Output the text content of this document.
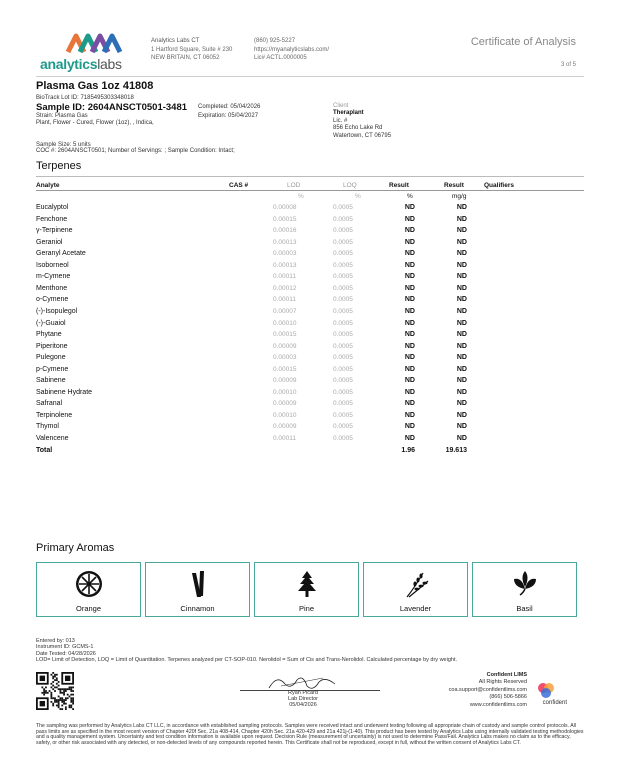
analyticslabs
Analytics Labs CT
1 Hartford Square, Suite # 230
NEW BRITAIN, CT 06052
(860) 925-5227
https://myanalyticslabs.com/
Lic# ACTL.0000005
Certificate of Analysis
3 of 5
Plasma Gas 1oz 41808
BioTrack Lot ID: 7185495303348018
Sample ID: 2604ANSCT0501-3481 Completed: 05/04/2026
Expiration: 05/04/2027
Strain: Plasma Gas
Plant, Flower - Cured, Flower (1oz), , Indica,
Sample Size: 5 units
COC #: 2604ANSCT0501; Number of Servings: ; Sample Condition: Intact;
Client
Theraplant
Lic. #
856 Echo Lake Rd
Watertown, CT 06795
Terpenes
Analyte	CAS #	LOD	LOQ	Result	Result	Qualifiers
%	%	%	mg/g
Eucalyptol	0.00008	0.0005	ND	ND
Fenchone	0.00015	0.0005	ND	ND
γ-Terpinene	0.00016	0.0005	ND	ND
Geraniol	0.00013	0.0005	ND	ND
Geranyl Acetate	0.00003	0.0005	ND	ND
Isoborneol	0.00013	0.0005	ND	ND
m-Cymene	0.00011	0.0005	ND	ND
Menthone	0.00012	0.0005	ND	ND
o-Cymene	0.00011	0.0005	ND	ND
(-)-Isopulegol	0.00007	0.0005	ND	ND
(-)-Guaiol	0.00010	0.0005	ND	ND
Phytane	0.00015	0.0005	ND	ND
Piperitone	0.00009	0.0005	ND	ND
Pulegone	0.00003	0.0005	ND	ND
p-Cymene	0.00015	0.0005	ND	ND
Sabinene	0.00009	0.0005	ND	ND
Sabinene Hydrate	0.00010	0.0005	ND	ND
Safranal	0.00009	0.0005	ND	ND
Terpinolene	0.00010	0.0005	ND	ND
Thymol	0.00009	0.0005	ND	ND
Valencene	0.00011	0.0005	ND	ND
Total	1.96	19.613
Primary Aromas
Orange	Cinnamon	Pine	Lavender	Basil
Entered by: 013
Instrument ID: GCMS-1
Date Tested: 04/28/2026
LOD= Limit of Detection, LOQ = Limit of Quantitation. Terpenes analyzed per CT-SOP-010. Nerolidol = Sum of Cis and Trans-Nerolidol. Calculated percentage by dry weight.
Ryan Picard
Lab Director
05/04/2026
Confident LIMS
All Rights Reserved
coa.support@confidentlims.com
(866) 506-5866
www.confidentlims.com	confident
The sampling was performed by Analytics Labs CT LLC, in accordance with established sampling protocols. Samples were received intact and underwent testing following all appropriate chain of custody and sample control protocols. All pass limits are as specified in the most recent version of Chapter 420f Sec. 21a 408-414, Chapter 420h Sec. 21a 420-429 and 21a 421j-(1-40). This product has been tested by Analytics Labs using internally validated testing methodologies and a quality management system. Uncertainty and test condition information is available upon request. Decision Rule (measurement of uncertainty) is not used to determine Pass/Fail. Analytics Labs makes no claim as to the efficacy, safety, or other risk associated with any detected, or non-detected levels of any compounds reported herein. This Certificate shall not be reproduced, except in full, without the written consent of Analytics Labs CT.
